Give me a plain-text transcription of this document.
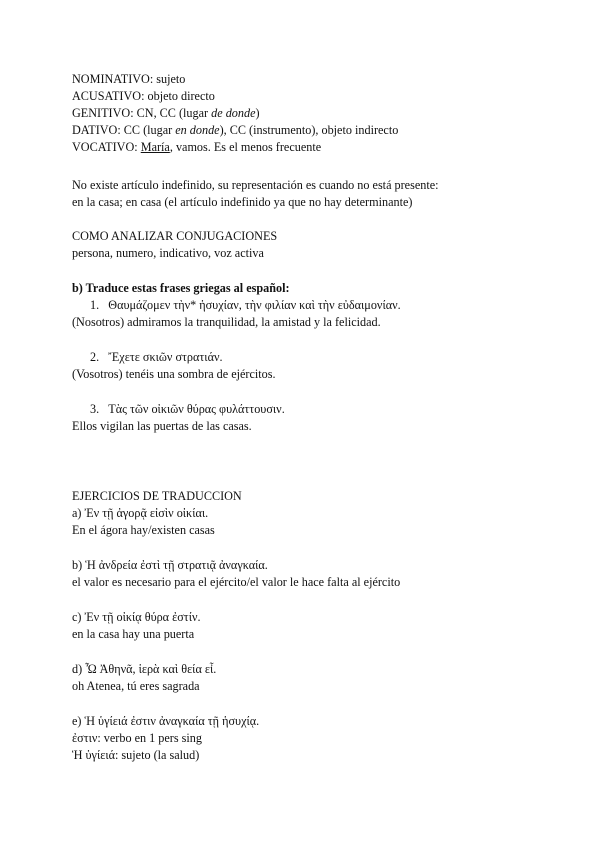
NOMINATIVO: sujeto
ACUSATIVO: objeto directo
GENITIVO: CN, CC (lugar de donde)
DATIVO: CC (lugar en donde), CC (instrumento), objeto indirecto
VOCATIVO: María, vamos. Es el menos frecuente
No existe artículo indefinido, su representación es cuando no está presente:
en la casa; en casa (el artículo indefinido ya que no hay determinante)
COMO ANALIZAR CONJUGACIONES
persona, numero, indicativo, voz activa
b) Traduce estas frases griegas al español:
1. Θαυμάζομεν τὴν* ἡσυχίαν, τὴν φιλίαν καὶ τὴν εὐδαιμονίαν.
(Nosotros) admiramos la tranquilidad, la amistad y la felicidad.
2. Ἔχετε σκιῶν στρατιάν.
(Vosotros) tenéis una sombra de ejércitos.
3. Τὰς τῶν οἰκιῶν θύρας φυλάττουσιν.
Ellos vigilan las puertas de las casas.
EJERCICIOS DE TRADUCCION
a) Ἐν τῇ ἀγορᾷ εἰσὶν οἰκίαι.
En el ágora hay/existen casas
b) Ἡ ἀνδρεία ἐστὶ τῇ στρατιᾷ ἀναγκαία.
el valor es necesario para el ejército/el valor le hace falta al ejército
c) Ἐν τῇ οἰκίᾳ θύρα ἐστίν.
en la casa hay una puerta
d) Ὦ Ἀθηνᾶ, ἱερὰ καὶ θεία εἶ.
oh Atenea, tú eres sagrada
e) Ἡ ὑγίειά ἐστιν ἀναγκαία τῇ ἡσυχίᾳ.
ἐστιν: verbo en 1 pers sing
Ἡ ὑγίειά: sujeto (la salud)
